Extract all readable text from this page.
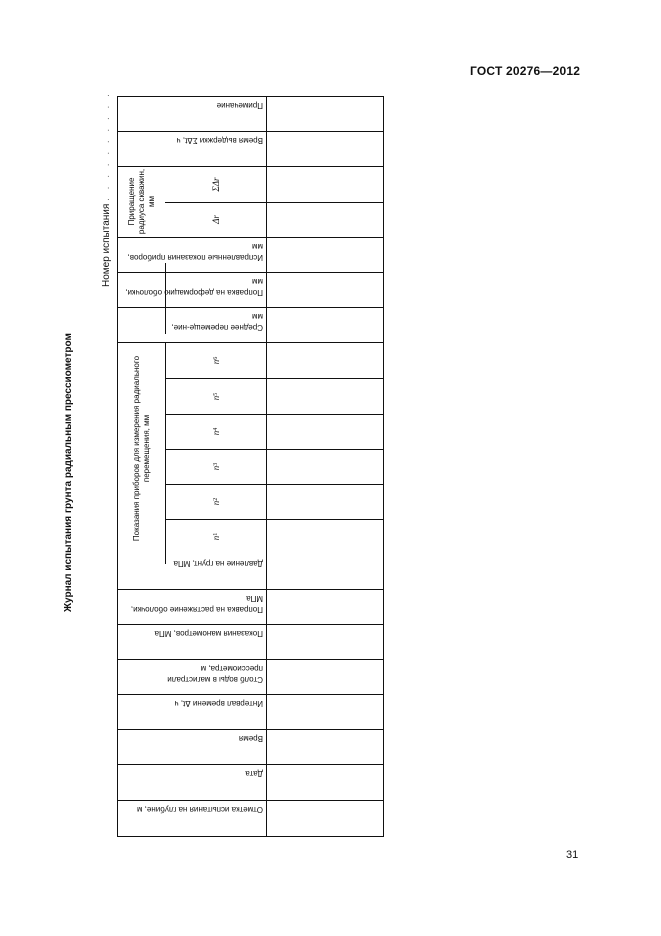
ГОСТ 20276—2012
Журнал испытания грунта радиальным прессиометром
Номер испытания . . . . . . . . . .	Примечание
Время выдержки ΣΔt, ч
Исправленные показания приборов, мм
Поправка на деформацию оболочки, мм
Среднее перемеще-ние, мм
Давление на грунт, МПа
Поправка на растяжение оболочки, МПа
Показания манометров, МПа
Столб воды в магистрали прессиометра, м
Интервал времени Δt, ч
Время
Дата
Отметка испытания на глубине, м
Приращение радиуса скважин, мм
Показания приборов для измерения радиального перемещения, мм
ΣΔr
Δr
n
6
n
5
n
4
n
3
n
2
n
1
31
